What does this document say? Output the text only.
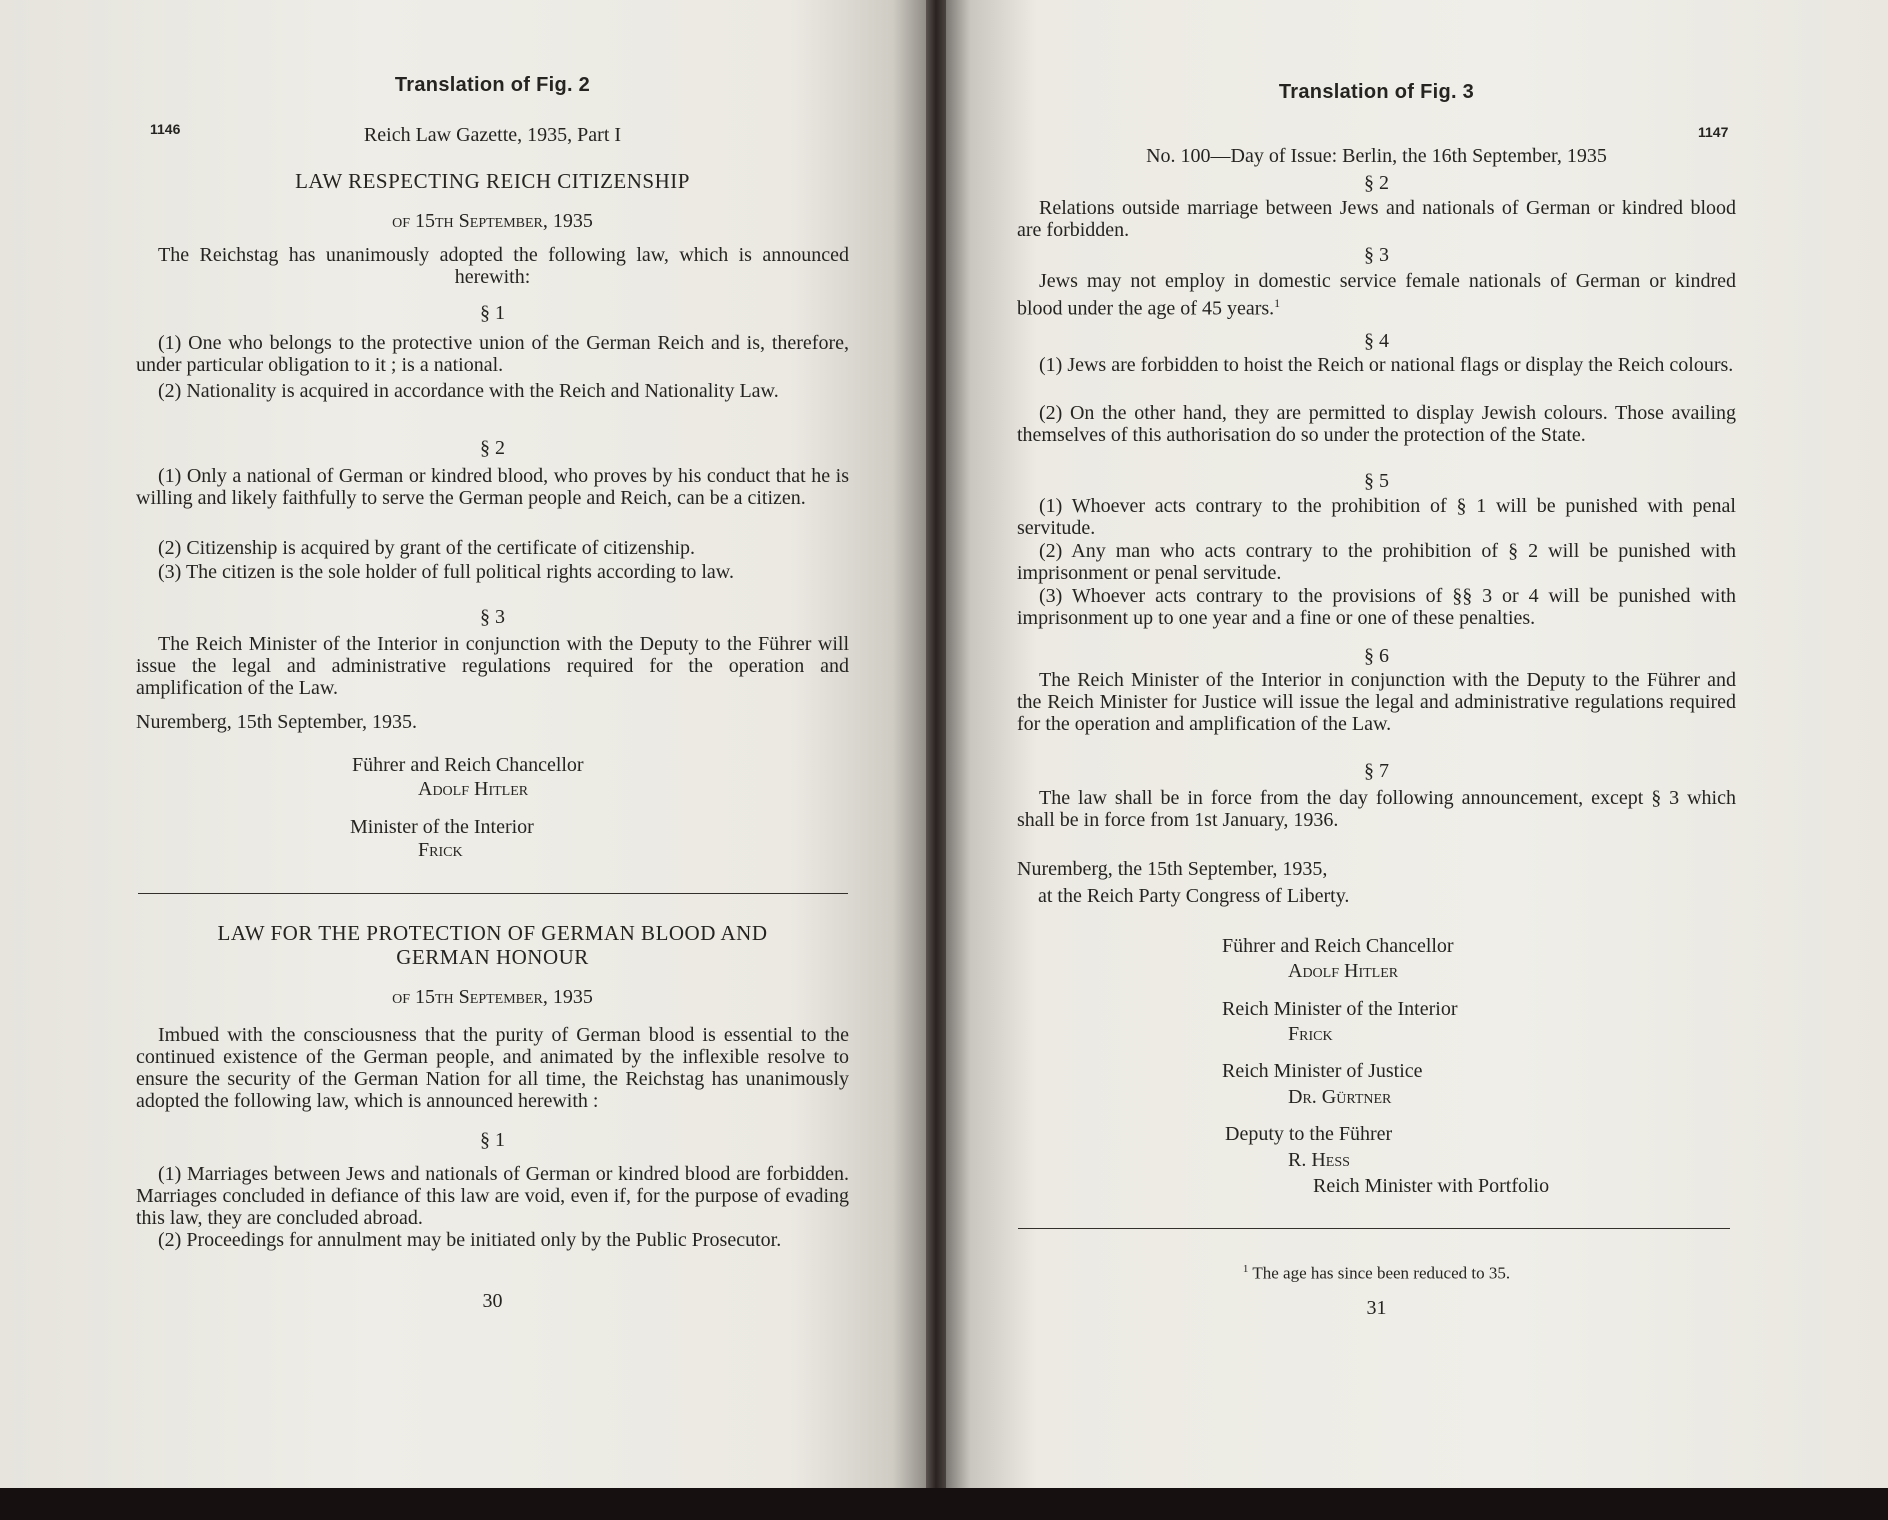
Translation of Fig. 2
1146	Reich Law Gazette, 1935, Part I
LAW RESPECTING REICH CITIZENSHIP
of 15th September, 1935
The Reichstag has unanimously adopted the following law, which is announced herewith:
§ 1
(1) One who belongs to the protective union of the German Reich and is, therefore, under particular obligation to it ; is a national.
(2) Nationality is acquired in accordance with the Reich and Nationality Law.
§ 2
(1) Only a national of German or kindred blood, who proves by his conduct that he is willing and likely faithfully to serve the German people and Reich, can be a citizen.
(2) Citizenship is acquired by grant of the certificate of citizenship.
(3) The citizen is the sole holder of full political rights according to law.
§ 3
The Reich Minister of the Interior in conjunction with the Deputy to the Führer will issue the legal and administrative regulations required for the operation and amplification of the Law.
Nuremberg, 15th September, 1935.
Führer and Reich Chancellor
Adolf Hitler
Minister of the Interior
Frick
LAW FOR THE PROTECTION OF GERMAN BLOOD AND
GERMAN HONOUR
of 15th September, 1935
Imbued with the consciousness that the purity of German blood is essential to the continued existence of the German people, and animated by the inflexible resolve to ensure the security of the German Nation for all time, the Reichstag has unanimously adopted the following law, which is announced herewith :
§ 1
(1) Marriages between Jews and nationals of German or kindred blood are forbidden. Marriages concluded in defiance of this law are void, even if, for the purpose of evading this law, they are concluded abroad.
(2) Proceedings for annulment may be initiated only by the Public Prosecutor.
30
Translation of Fig. 3
1147
No. 100—Day of Issue: Berlin, the 16th September, 1935
§ 2
Relations outside marriage between Jews and nationals of German or kindred blood are forbidden.
§ 3
Jews may not employ in domestic service female nationals of German or kindred blood under the age of 45 years.$^1$
§ 4
(1) Jews are forbidden to hoist the Reich or national flags or display the Reich colours.
(2) On the other hand, they are permitted to display Jewish colours. Those availing themselves of this authorisation do so under the protection of the State.
§ 5
(1) Whoever acts contrary to the prohibition of § 1 will be punished with penal servitude.
(2) Any man who acts contrary to the prohibition of § 2 will be punished with imprisonment or penal servitude.
(3) Whoever acts contrary to the provisions of §§ 3 or 4 will be punished with imprisonment up to one year and a fine or one of these penalties.
§ 6
The Reich Minister of the Interior in conjunction with the Deputy to the Führer and the Reich Minister for Justice will issue the legal and administrative regulations required for the operation and amplification of the Law.
§ 7
The law shall be in force from the day following announcement, except § 3 which shall be in force from 1st January, 1936.
Nuremberg, the 15th September, 1935,
at the Reich Party Congress of Liberty.
Führer and Reich Chancellor
Adolf Hitler
Reich Minister of the Interior
Frick
Reich Minister of Justice
Dr. Gürtner
Deputy to the Führer
R. Hess
Reich Minister with Portfolio
$^1$ The age has since been reduced to 35.
31
